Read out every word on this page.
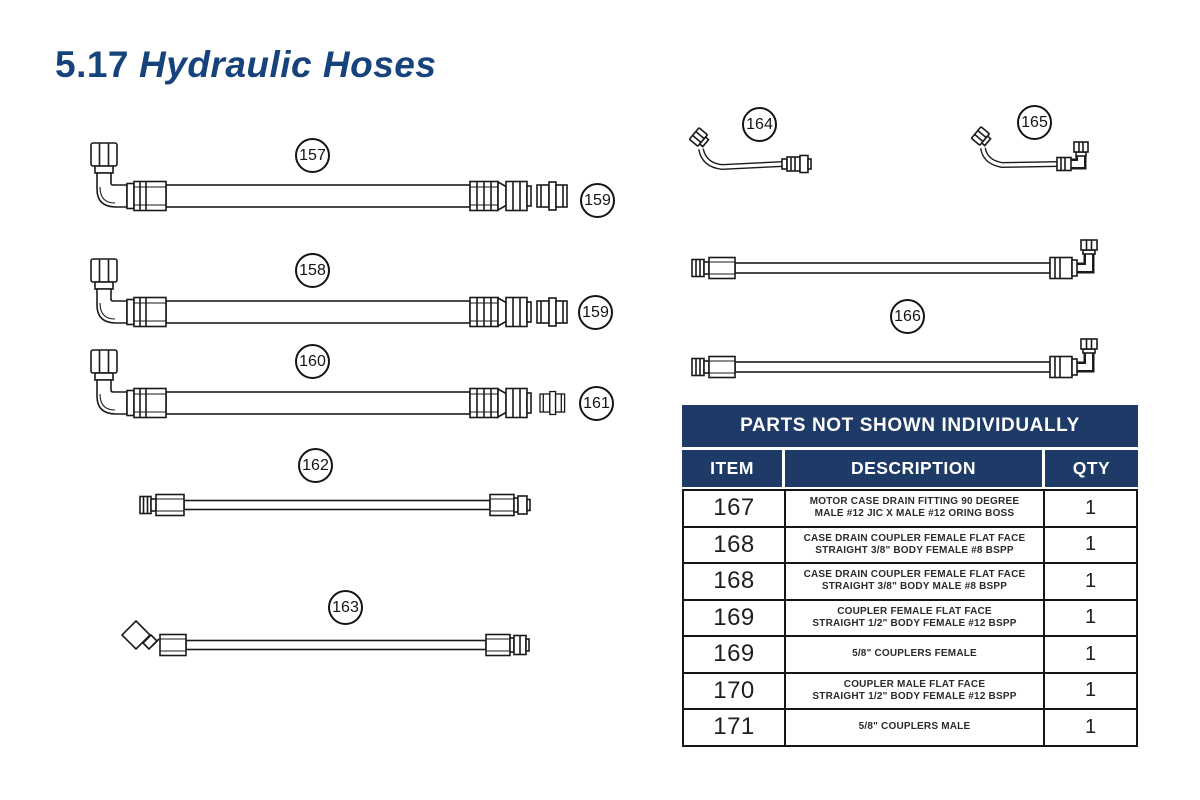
5.17 Hydraulic Hoses
157
159
158
159
160
161
162
163
164	165
166
PARTS NOT SHOWN INDIVIDUALLY
ITEM	DESCRIPTION	QTY
167	MOTOR CASE DRAIN FITTING 90 DEGREE
MALE #12 JIC X MALE #12 ORING BOSS	1
168	CASE DRAIN COUPLER FEMALE FLAT FACE
STRAIGHT 3/8" BODY FEMALE #8 BSPP	1
168	CASE DRAIN COUPLER FEMALE FLAT FACE
STRAIGHT 3/8" BODY MALE #8 BSPP	1
169	COUPLER FEMALE FLAT FACE
STRAIGHT 1/2" BODY FEMALE #12 BSPP	1
169	5/8" COUPLERS FEMALE	1
170	COUPLER MALE FLAT FACE
STRAIGHT 1/2" BODY FEMALE #12 BSPP	1
171	5/8" COUPLERS MALE	1
